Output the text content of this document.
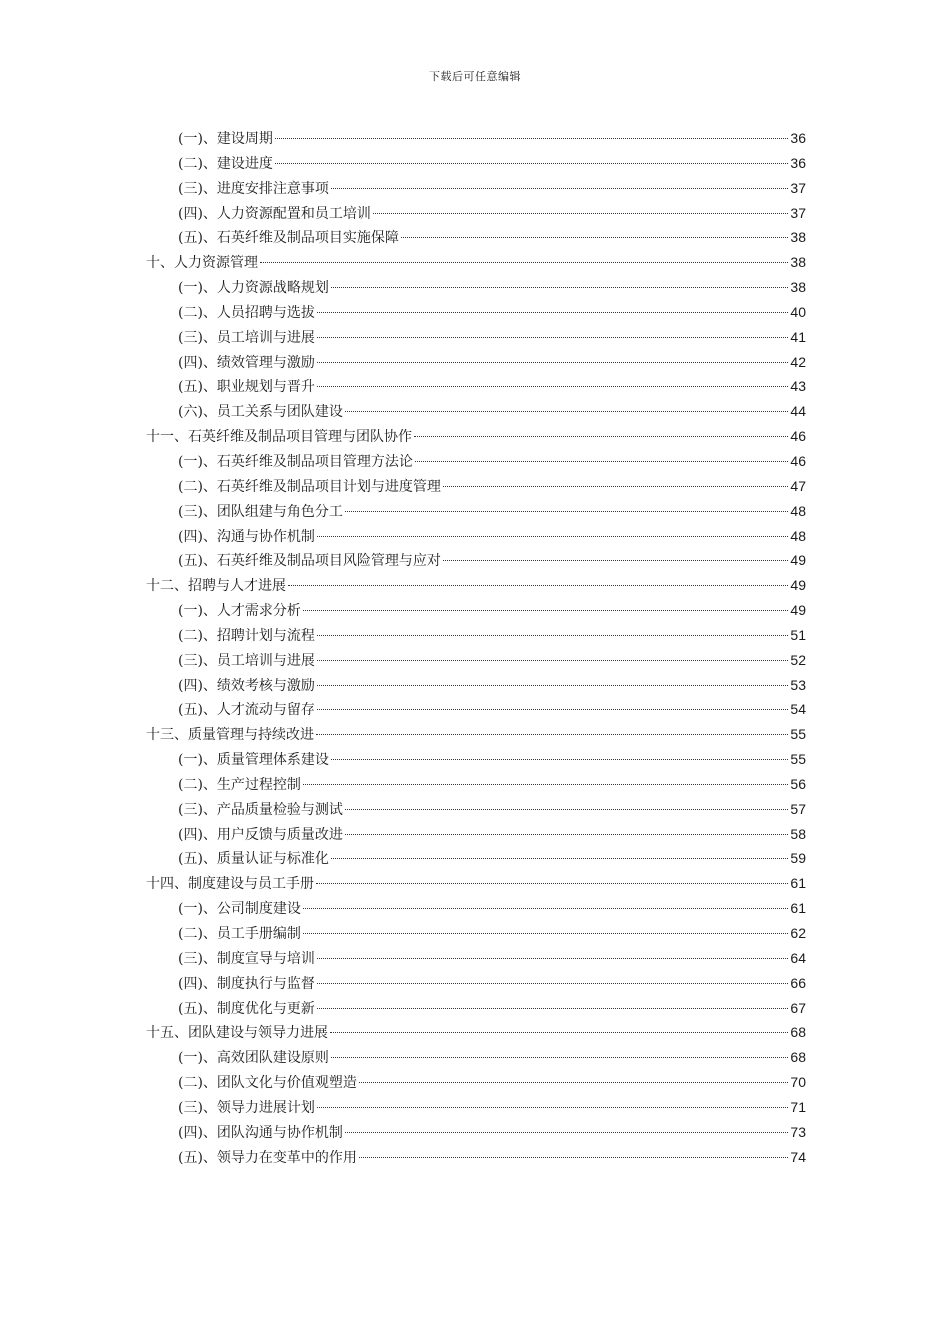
下载后可任意编辑
(一)、建设周期	36
(二)、建设进度	36
(三)、进度安排注意事项	37
(四)、人力资源配置和员工培训	37
(五)、石英纤维及制品项目实施保障	38
十、人力资源管理	38
(一)、人力资源战略规划	38
(二)、人员招聘与选拔	40
(三)、员工培训与进展	41
(四)、绩效管理与激励	42
(五)、职业规划与晋升	43
(六)、员工关系与团队建设	44
十一、石英纤维及制品项目管理与团队协作	46
(一)、石英纤维及制品项目管理方法论	46
(二)、石英纤维及制品项目计划与进度管理	47
(三)、团队组建与角色分工	48
(四)、沟通与协作机制	48
(五)、石英纤维及制品项目风险管理与应对	49
十二、招聘与人才进展	49
(一)、人才需求分析	49
(二)、招聘计划与流程	51
(三)、员工培训与进展	52
(四)、绩效考核与激励	53
(五)、人才流动与留存	54
十三、质量管理与持续改进	55
(一)、质量管理体系建设	55
(二)、生产过程控制	56
(三)、产品质量检验与测试	57
(四)、用户反馈与质量改进	58
(五)、质量认证与标准化	59
十四、制度建设与员工手册	61
(一)、公司制度建设	61
(二)、员工手册编制	62
(三)、制度宣导与培训	64
(四)、制度执行与监督	66
(五)、制度优化与更新	67
十五、团队建设与领导力进展	68
(一)、高效团队建设原则	68
(二)、团队文化与价值观塑造	70
(三)、领导力进展计划	71
(四)、团队沟通与协作机制	73
(五)、领导力在变革中的作用	74
